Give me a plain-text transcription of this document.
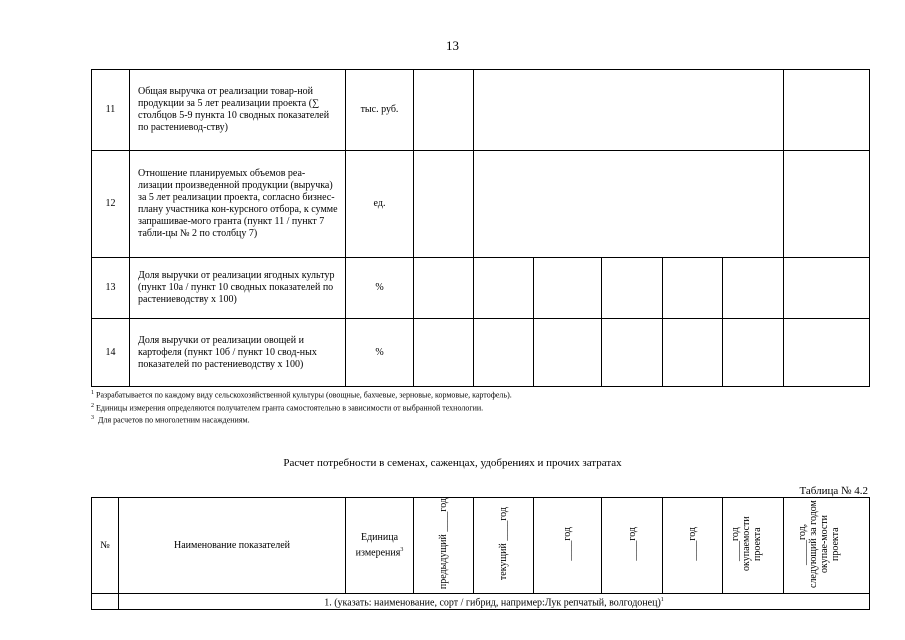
13
11	Общая выручка от реализации товар-ной продукции за 5 лет реализации проекта (∑ столбцов 5-9 пункта 10 сводных показателей по растениевод-ству)	тыс. руб.							
12	Отношение планируемых объемов реа-лизации произведенной продукции (выручка) за 5 лет реализации проекта, согласно бизнес-плану участника кон-курсного отбора, к сумме запрашивае-мого гранта (пункт 11 / пункт 7 табли-цы № 2 по столбцу 7)	ед.							
13	Доля выручки от реализации ягодных культур (пункт 10а / пункт 10 сводных показателей по растениеводству х 100)	%							
14	Доля выручки от реализации овощей и картофеля (пункт 10б / пункт 10 свод-ных показателей по растениеводству х 100)	%							
$^1$ Разрабатывается по каждому виду сельскохозяйственной культуры (овощные, бахчевые, зерновые, кормовые, картофель).
$^2$ Единицы измерения определяются получателем гранта самостоятельно в зависимости от выбранной технологии.
$^3$ Для расчетов по многолетним насаждениям.
Расчет потребности в семенах, саженцах, удобрениях и прочих затратах
Таблица № 4.2
№	Наименование показателей	Единица измерения$^3$	предыдущий ____год	текущий ____год	____год	____год	____год	____год окупаемости проекта	_____год, следующий за годом окупае-мости проекта
	1. (указать: наименование, сорт / гибрид, например:Лук репчатый, волгодонец)$^1$
